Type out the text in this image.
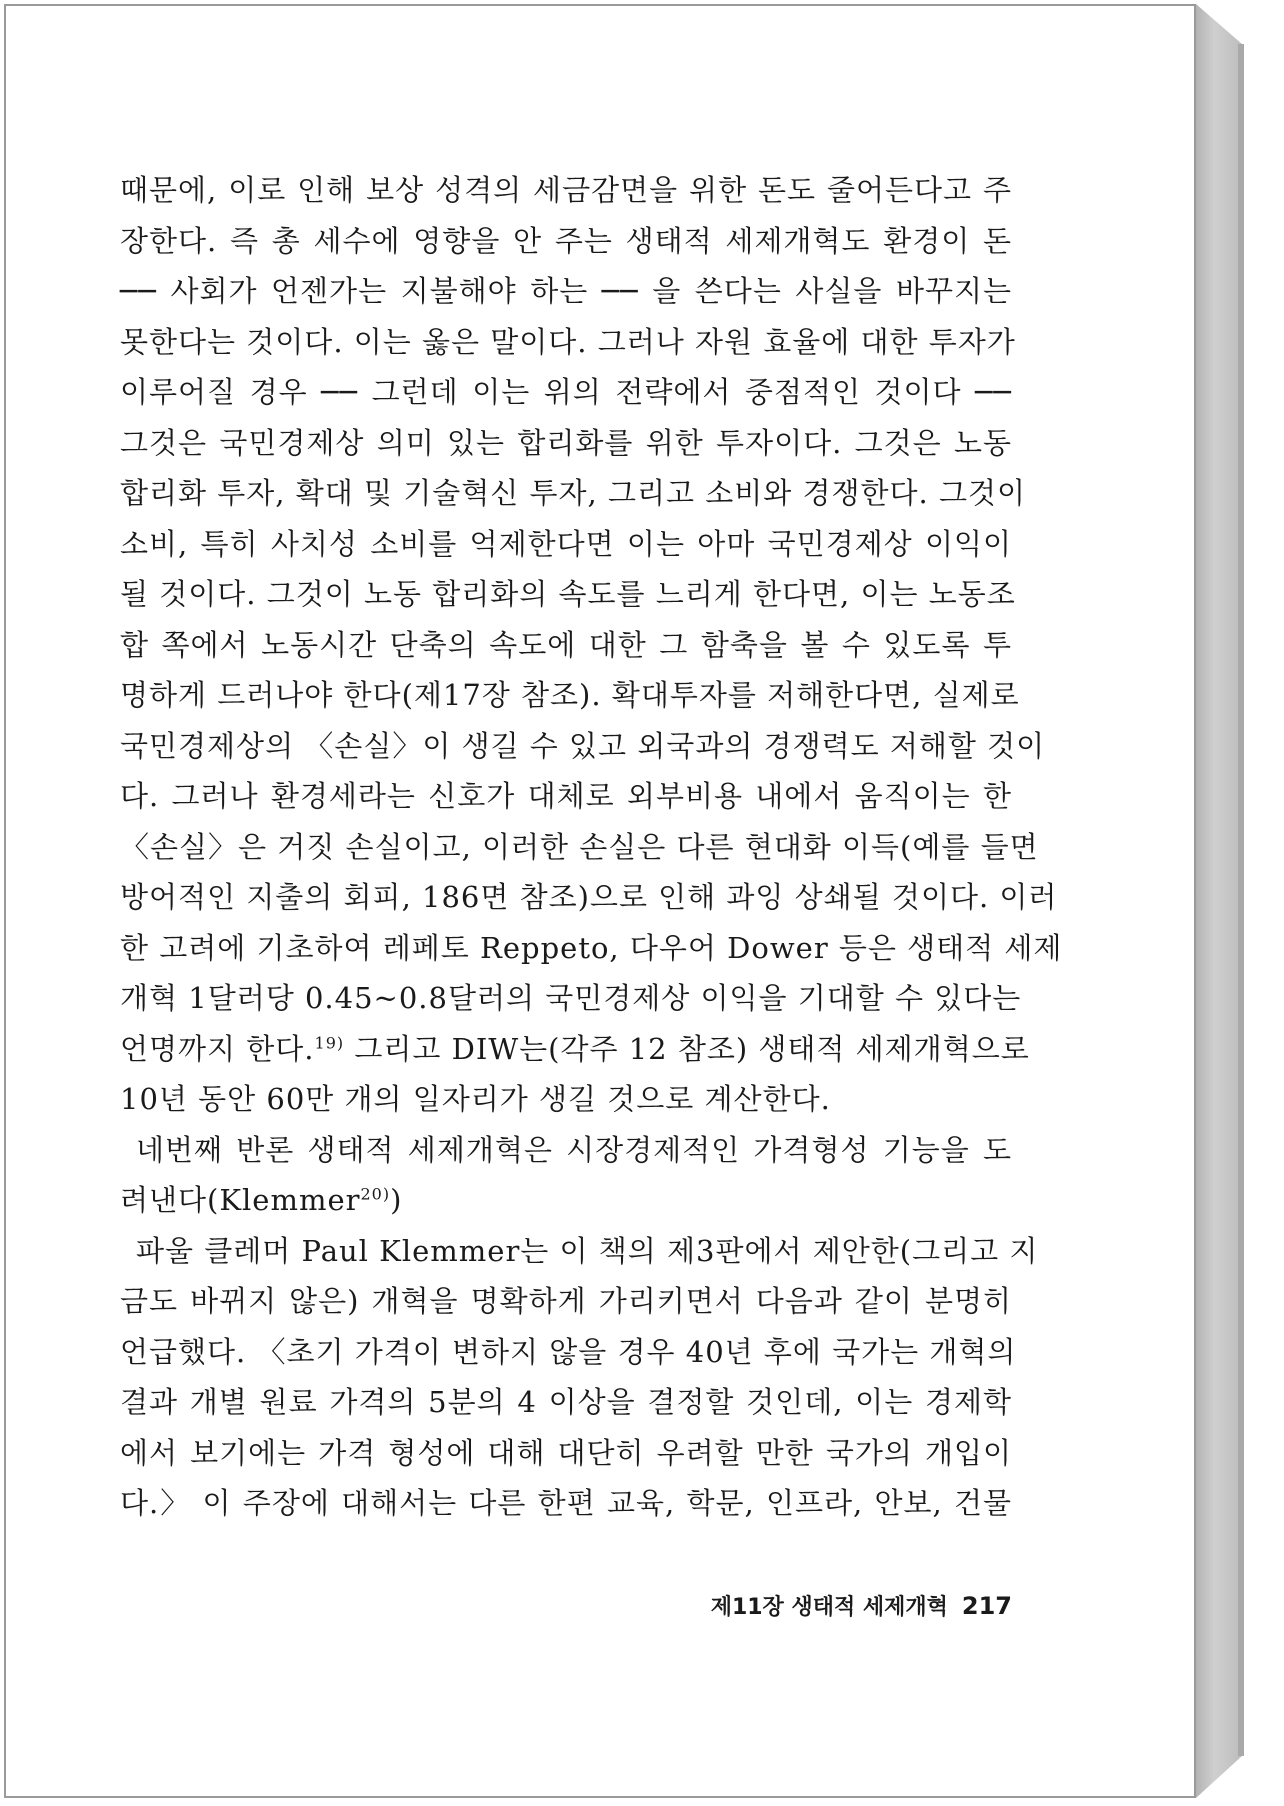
때문에, 이로 인해 보상 성격의 세금감면을 위한 돈도 줄어든다고 주
장한다. 즉 총 세수에 영향을 안 주는 생태적 세제개혁도 환경이 돈
── 사회가 언젠가는 지불해야 하는 ── 을 쓴다는 사실을 바꾸지는
못한다는 것이다. 이는 옳은 말이다. 그러나 자원 효율에 대한 투자가
이루어질 경우 ── 그런데 이는 위의 전략에서 중점적인 것이다 ──
그것은 국민경제상 의미 있는 합리화를 위한 투자이다. 그것은 노동
합리화 투자, 확대 및 기술혁신 투자, 그리고 소비와 경쟁한다. 그것이
소비, 특히 사치성 소비를 억제한다면 이는 아마 국민경제상 이익이
될 것이다. 그것이 노동 합리화의 속도를 느리게 한다면, 이는 노동조
합 쪽에서 노동시간 단축의 속도에 대한 그 함축을 볼 수 있도록 투
명하게 드러나야 한다(제17장 참조). 확대투자를 저해한다면, 실제로
국민경제상의 〈손실〉이 생길 수 있고 외국과의 경쟁력도 저해할 것이
다. 그러나 환경세라는 신호가 대체로 외부비용 내에서 움직이는 한
〈손실〉은 거짓 손실이고, 이러한 손실은 다른 현대화 이득(예를 들면
방어적인 지출의 회피, 186면 참조)으로 인해 과잉 상쇄될 것이다. 이러
한 고려에 기초하여 레페토 Reppeto, 다우어 Dower 등은 생태적 세제
개혁 1달러당 0.45~0.8달러의 국민경제상 이익을 기대할 수 있다는
언명까지 한다.$^{19)}$ 그리고 DIW는(각주 12 참조) 생태적 세제개혁으로
10년 동안 60만 개의 일자리가 생길 것으로 계산한다.
네번째 반론 생태적 세제개혁은 시장경제적인 가격형성 기능을 도
려낸다(Klemmer$^{20)}$)
파울 클레머 Paul Klemmer는 이 책의 제3판에서 제안한(그리고 지
금도 바뀌지 않은) 개혁을 명확하게 가리키면서 다음과 같이 분명히
언급했다. 〈초기 가격이 변하지 않을 경우 40년 후에 국가는 개혁의
결과 개별 원료 가격의 5분의 4 이상을 결정할 것인데, 이는 경제학
에서 보기에는 가격 형성에 대해 대단히 우려할 만한 국가의 개입이
다.〉 이 주장에 대해서는 다른 한편 교육, 학문, 인프라, 안보, 건물
제11장 생태적 세제개혁 217
